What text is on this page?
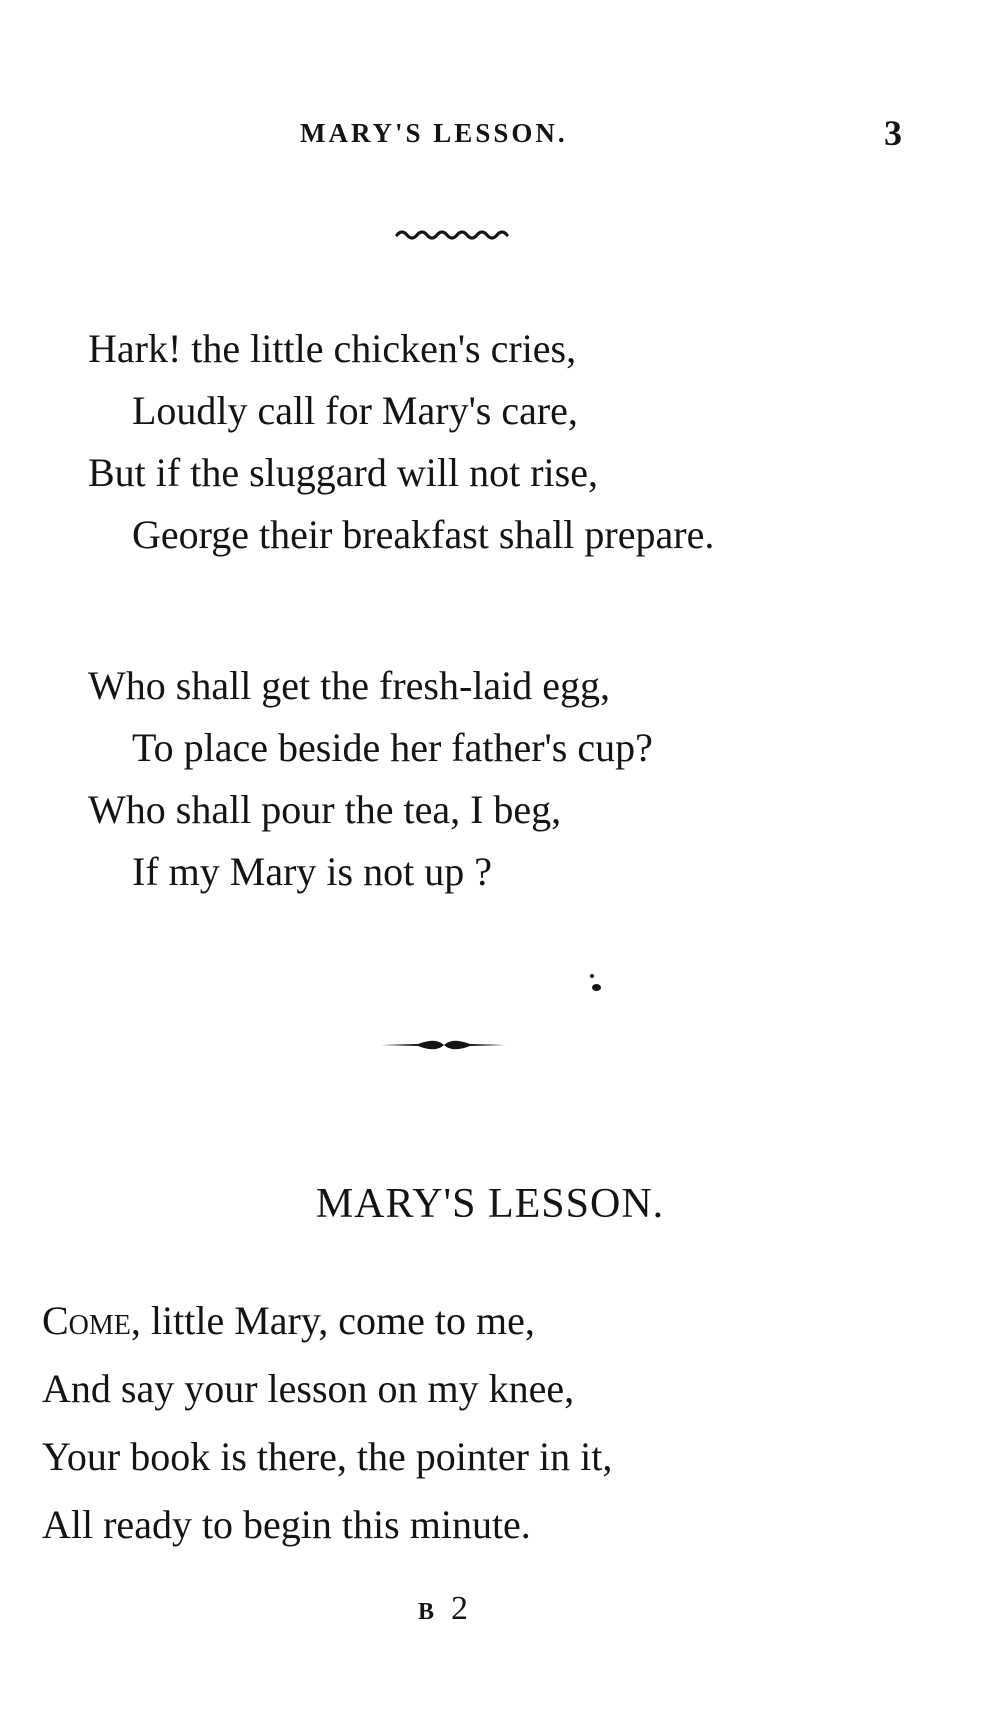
MARY'S LESSON.	3
Hark! the little chicken's cries,
Loudly call for Mary's care,
But if the sluggard will not rise,
George their breakfast shall prepare.
Who shall get the fresh-laid egg,
To place beside her father's cup?
Who shall pour the tea, I beg,
If my Mary is not up ?
MARY'S LESSON.
Come, little Mary, come to me,
And say your lesson on my knee,
Your book is there, the pointer in it,
All ready to begin this minute.
B 2
